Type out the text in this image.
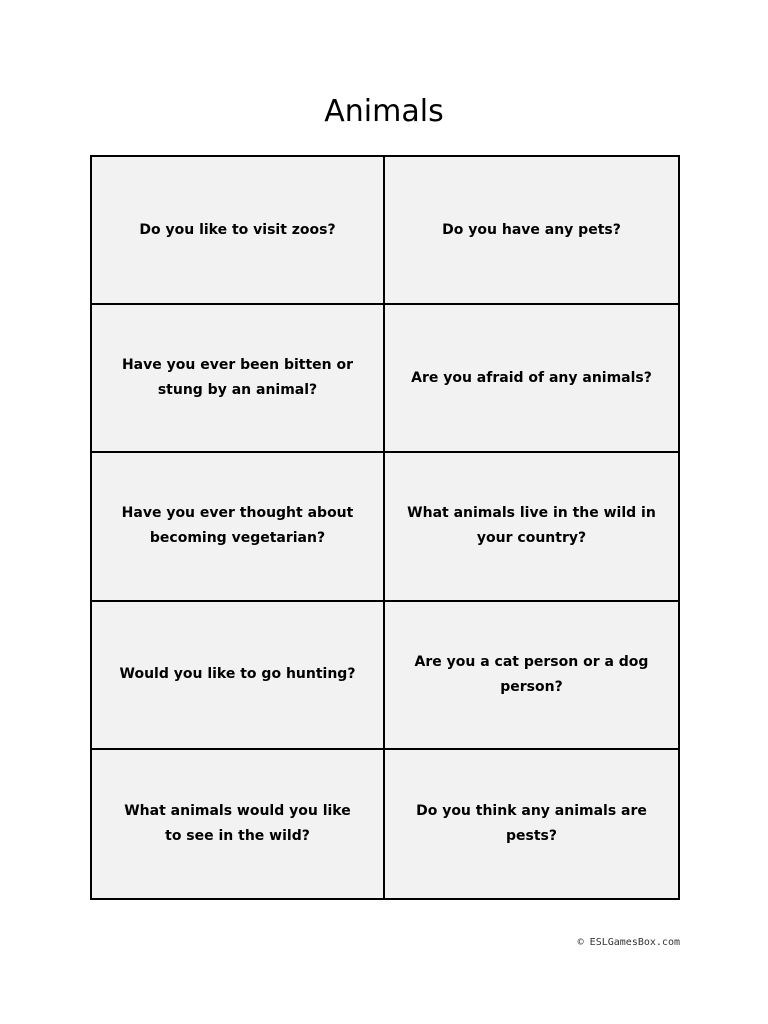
Animals
Do you like to visit zoos?	Do you have any pets?
Have you ever been bitten or stung by an animal?
Are you afraid of any animals?
Have you ever thought about becoming vegetarian?
What animals live in the wild in your country?
Would you like to go hunting?
Are you a cat person or a dog person?
What animals would you like to see in the wild?
Do you think any animals are pests?
© ESLGamesBox.com
